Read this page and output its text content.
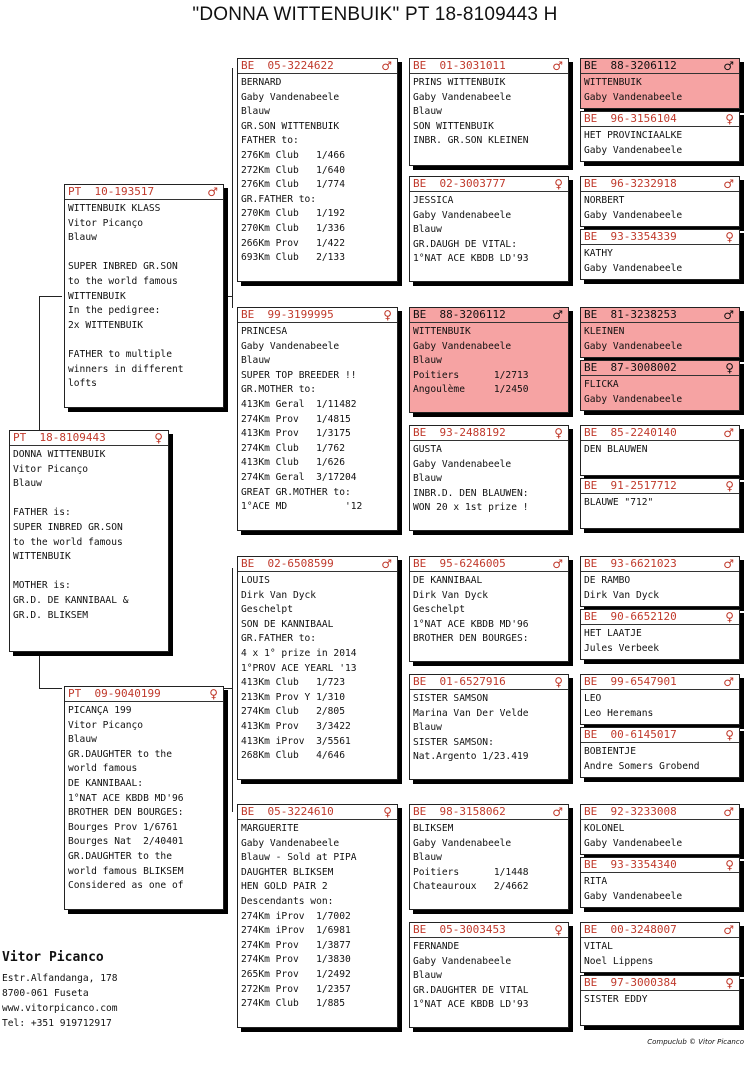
"DONNA WITTENBUIK" PT 18-8109443 H
PT  18-8109443	♀
DONNA WITTENBUIK
Vitor Picanço
Blauw

FATHER is:
SUPER INBRED GR.SON
to the world famous
WITTENBUIK

MOTHER is:
GR.D. DE KANNIBAAL &
GR.D. BLIKSEM
PT  10-193517	♂
WITTENBUIK KLASS
Vitor Picanço
Blauw

SUPER INBRED GR.SON
to the world famous
WITTENBUIK
In the pedigree:
2x WITTENBUIK

FATHER to multiple
winners in different
lofts
PT  09-9040199	♀
PICANÇA 199
Vitor Picanço
Blauw
GR.DAUGHTER to the
world famous
DE KANNIBAAL:
1°NAT ACE KBDB MD'96
BROTHER DEN BOURGES:
Bourges Prov 1/6761
Bourges Nat  2/40401
GR.DAUGHTER to the
world famous BLIKSEM
Considered as one of
BE  05-3224622	♂
BERNARD
Gaby Vandenabeele
Blauw
GR.SON WITTENBUIK
FATHER to:
276Km Club   1/466
272Km Club   1/640
276Km Club   1/774
GR.FATHER to:
270Km Club   1/192
270Km Club   1/336
266Km Prov   1/422
693Km Club   2/133
BE  99-3199995	♀
PRINCESA
Gaby Vandenabeele
Blauw
SUPER TOP BREEDER !!
GR.MOTHER to:
413Km Geral  1/11482
274Km Prov   1/4815
413Km Prov   1/3175
274Km Club   1/762
413Km Club   1/626
274Km Geral  3/17204
GREAT GR.MOTHER to:
1°ACE MD          '12
BE  02-6508599	♂
LOUIS
Dirk Van Dyck
Geschelpt
SON DE KANNIBAAL
GR.FATHER to:
4 x 1° prize in 2014
1°PROV ACE YEARL '13
413Km Club   1/723
213Km Prov Y 1/310
274Km Club   2/805
413Km Prov   3/3422
413Km iProv  3/5561
268Km Club   4/646
BE  05-3224610	♀
MARGUERITE
Gaby Vandenabeele
Blauw - Sold at PIPA
DAUGHTER BLIKSEM
HEN GOLD PAIR 2
Descendants won:
274Km iProv  1/7002
274Km iProv  1/6981
274Km Prov   1/3877
274Km Prov   1/3830
265Km Prov   1/2492
272Km Prov   1/2357
274Km Club   1/885
BE  01-3031011	♂
PRINS WITTENBUIK
Gaby Vandenabeele
Blauw
SON WITTENBUIK
INBR. GR.SON KLEINEN
BE  02-3003777	♀
JESSICA
Gaby Vandenabeele
Blauw
GR.DAUGH DE VITAL:
1°NAT ACE KBDB LD'93
BE  88-3206112	♂
WITTENBUIK
Gaby Vandenabeele
Blauw
Poitiers      1/2713
Angoulème     1/2450
BE  93-2488192	♀
GUSTA
Gaby Vandenabeele
Blauw
INBR.D. DEN BLAUWEN:
WON 20 x 1st prize !
BE  95-6246005	♂
DE KANNIBAAL
Dirk Van Dyck
Geschelpt
1°NAT ACE KBDB MD'96
BROTHER DEN BOURGES:
BE  01-6527916	♀
SISTER SAMSON
Marina Van Der Velde
Blauw
SISTER SAMSON:
Nat.Argento 1/23.419
BE  98-3158062	♂
BLIKSEM
Gaby Vandenabeele
Blauw
Poitiers      1/1448
Chateauroux   2/4662
BE  05-3003453	♀
FERNANDE
Gaby Vandenabeele
Blauw
GR.DAUGHTER DE VITAL
1°NAT ACE KBDB LD'93
BE  88-3206112	♂
WITTENBUIK
Gaby Vandenabeele
BE  96-3156104	♀
HET PROVINCIAALKE
Gaby Vandenabeele
BE  96-3232918	♂
NORBERT
Gaby Vandenabeele
BE  93-3354339	♀
KATHY
Gaby Vandenabeele
BE  81-3238253	♂
KLEINEN
Gaby Vandenabeele
BE  87-3008002	♀
FLICKA
Gaby Vandenabeele
BE  85-2240140	♂
DEN BLAUWEN
BE  91-2517712	♀
BLAUWE "712"
BE  93-6621023	♂
DE RAMBO
Dirk Van Dyck
BE  90-6652120	♀
HET LAATJE
Jules Verbeek
BE  99-6547901	♂
LEO
Leo Heremans
BE  00-6145017	♀
BOBIENTJE
Andre Somers Grobend
BE  92-3233008	♂
KOLONEL
Gaby Vandenabeele
BE  93-3354340	♀
RITA
Gaby Vandenabeele
BE  00-3248007	♂
VITAL
Noel Lippens
BE  97-3000384	♀
SISTER EDDY
Vitor Picanco
Estr.Alfandanga, 178
8700-061 Fuseta
www.vitorpicanco.com
Tel: +351 919712917
Compuclub © Vitor Picanco
